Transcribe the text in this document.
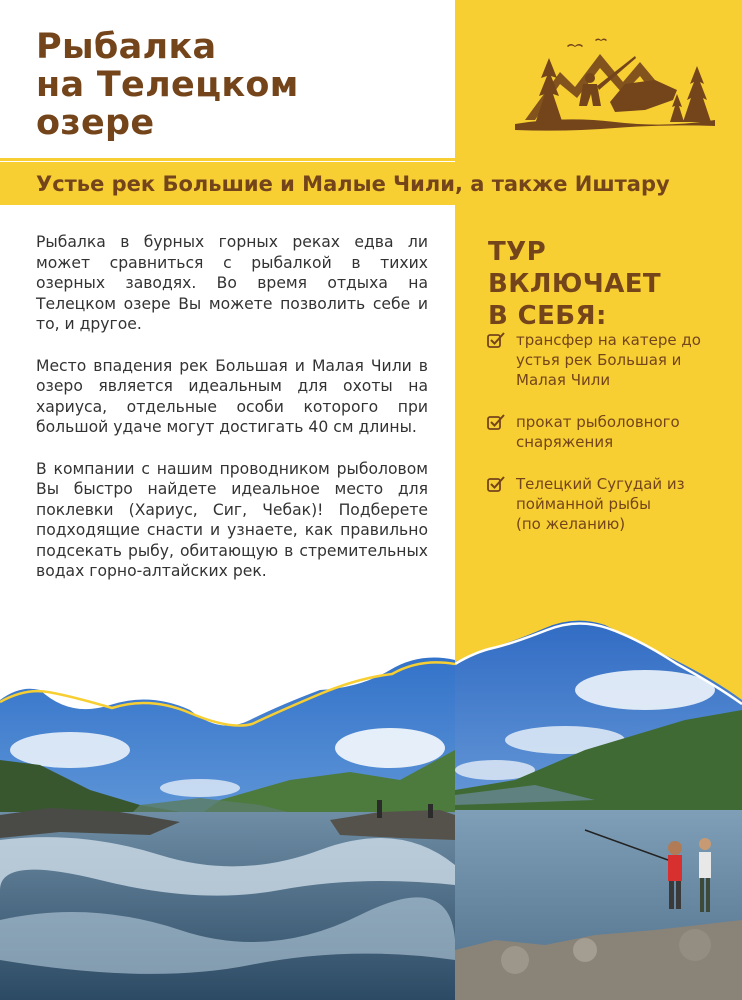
Рыбалка
на Телецком
озере
Устье рек Большие и Малые Чили, а также Иштару

Рыбалка в бурных горных реках едва ли может сравниться с рыбалкой в тихих озерных заводях. Во время отдыха на Телецком озере Вы можете позволить себе и то, и другое.

Место впадения рек Большая и Малая Чили в озеро является идеальным для охоты на хариуса, отдельные особи которого при большой удаче могут достигать 40 см длины.

В компании с нашим проводником рыболовом Вы быстро найдете идеальное место для поклевки (Хариус, Сиг, Чебак)! Подберете подходящие снасти и узнаете, как правильно подсекать рыбу, обитающую в стремительных водах горно-алтайских рек.

ТУР ВКЛЮЧАЕТ
В СЕБЯ:
трансфер на катере до устья рек Большая и Малая Чили
прокат рыболовного снаряжения
Телецкий Сугудай из пойманной рыбы
(по желанию)
